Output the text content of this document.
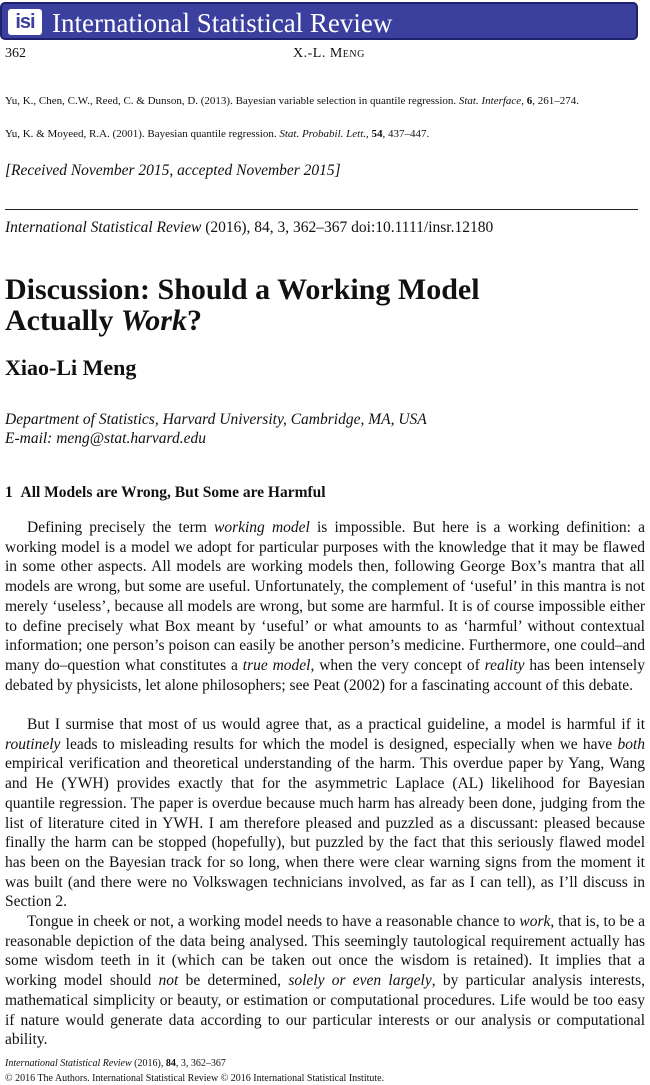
isi International Statistical Review
362	X.-L. Meng
Yu, K., Chen, C.W., Reed, C. & Dunson, D. (2013). Bayesian variable selection in quantile regression. Stat. Interface, 6, 261–274.
Yu, K. & Moyeed, R.A. (2001). Bayesian quantile regression. Stat. Probabil. Lett., 54, 437–447.
[Received November 2015, accepted November 2015]
International Statistical Review (2016), 84, 3, 362–367 doi:10.1111/insr.12180
Discussion: Should a Working Model
Actually Work?
Xiao-Li Meng
Department of Statistics, Harvard University, Cambridge, MA, USA
E-mail: meng@stat.harvard.edu
1 All Models are Wrong, But Some are Harmful
Defining precisely the term working model is impossible. But here is a working definition: a working model is a model we adopt for particular purposes with the knowledge that it may be flawed in some other aspects. All models are working models then, following George Box’s mantra that all models are wrong, but some are useful. Unfortunately, the complement of ‘useful’ in this mantra is not merely ‘useless’, because all models are wrong, but some are harmful. It is of course impossible either to define precisely what Box meant by ‘useful’ or what amounts to as ‘harmful’ without contextual information; one person’s poison can easily be another person’s medicine. Furthermore, one could–and many do–question what constitutes a true model, when the very concept of reality has been intensely debated by physicists, let alone philosophers; see Peat (2002) for a fascinating account of this debate.
But I surmise that most of us would agree that, as a practical guideline, a model is harmful if it routinely leads to misleading results for which the model is designed, especially when we have both empirical verification and theoretical understanding of the harm. This overdue paper by Yang, Wang and He (YWH) provides exactly that for the asymmetric Laplace (AL) likelihood for Bayesian quantile regression. The paper is overdue because much harm has already been done, judging from the list of literature cited in YWH. I am therefore pleased and puzzled as a discussant: pleased because finally the harm can be stopped (hopefully), but puzzled by the fact that this seriously flawed model has been on the Bayesian track for so long, when there were clear warning signs from the moment it was built (and there were no Volkswagen technicians involved, as far as I can tell), as I’ll discuss in Section 2.
Tongue in cheek or not, a working model needs to have a reasonable chance to work, that is, to be a reasonable depiction of the data being analysed. This seemingly tautological requirement actually has some wisdom teeth in it (which can be taken out once the wisdom is retained). It implies that a working model should not be determined, solely or even largely, by particular analysis interests, mathematical simplicity or beauty, or estimation or computational procedures. Life would be too easy if nature would generate data according to our particular interests or our analysis or computational ability.
International Statistical Review (2016), 84, 3, 362–367
© 2016 The Authors. International Statistical Review © 2016 International Statistical Institute.
